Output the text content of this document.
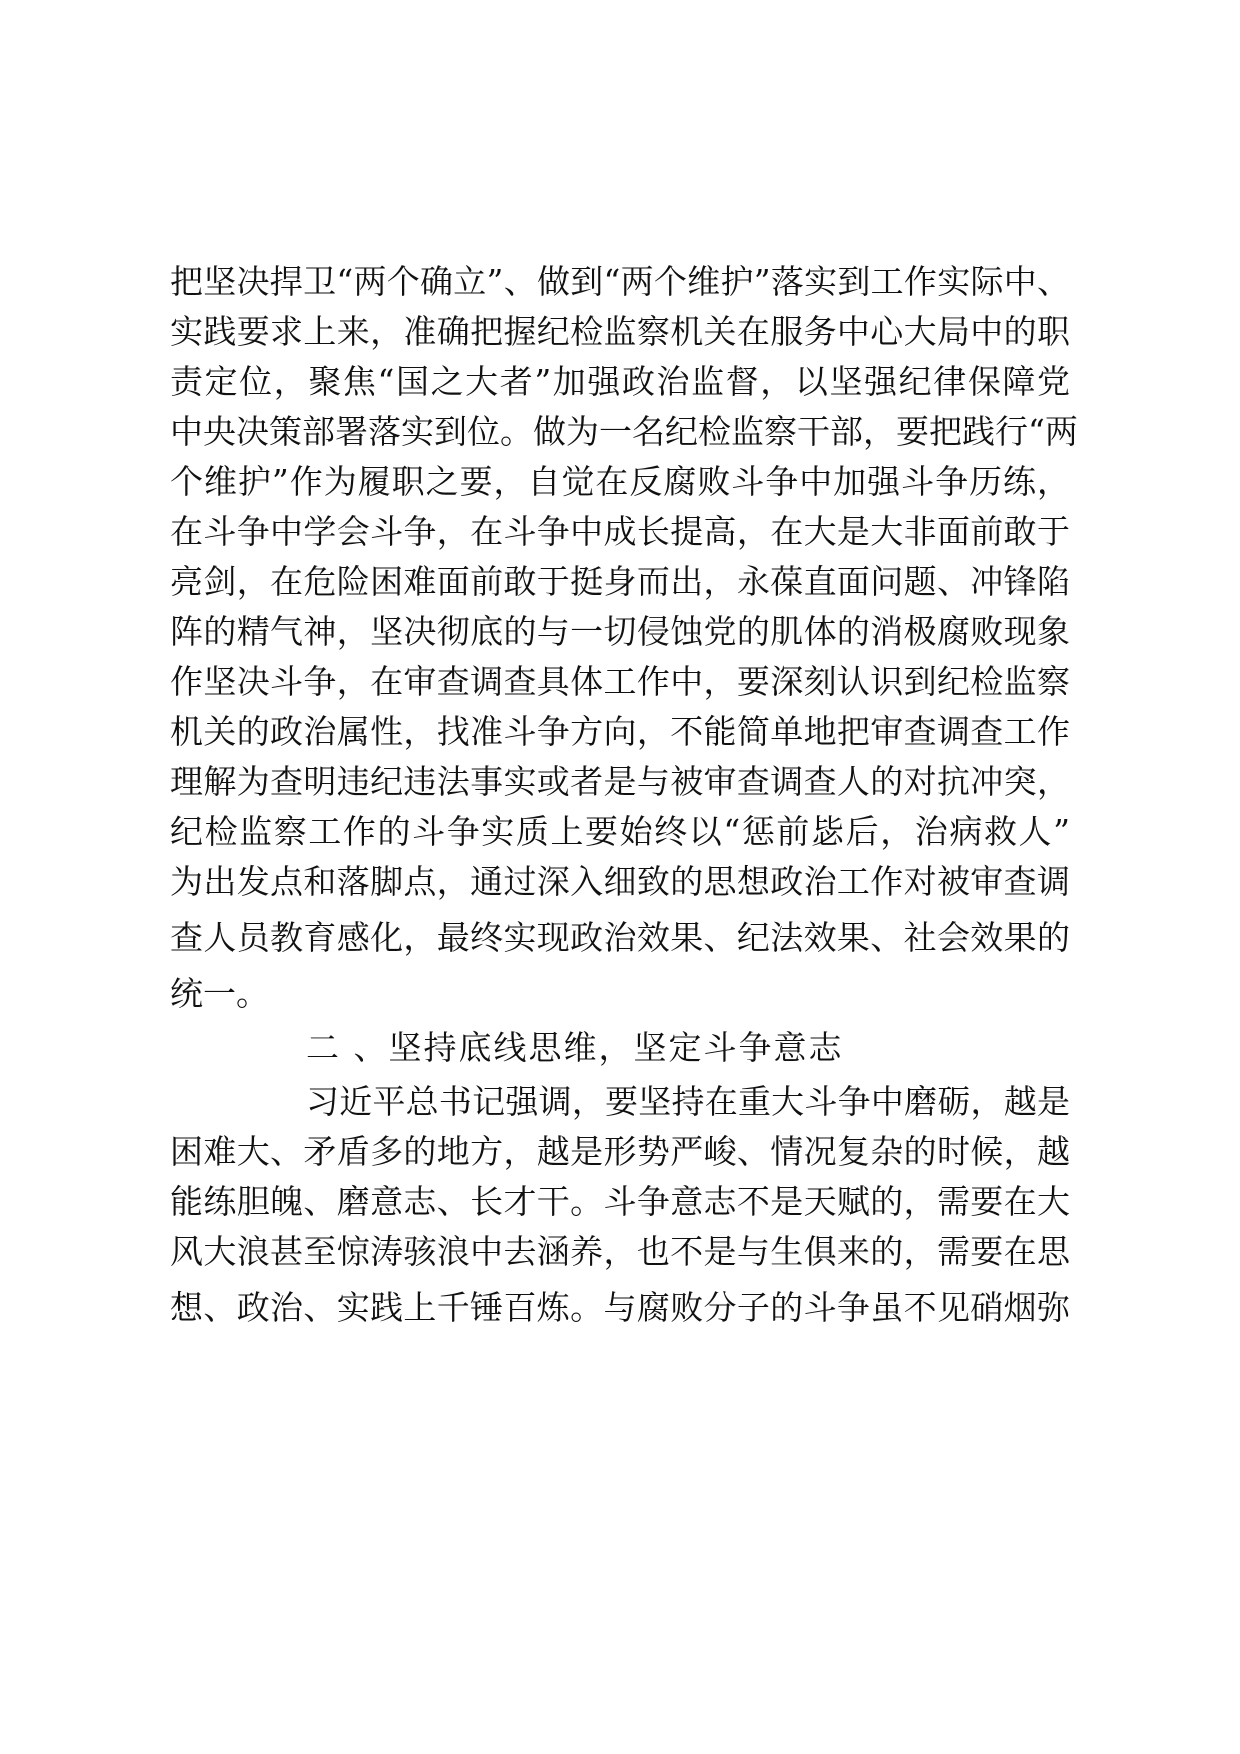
把坚决捍卫“两个确立”、做到“两个维护”落实到工作实际中、
实践要求上来，准确把握纪检监察机关在服务中心大局中的职
责定位，聚焦“国之大者”加强政治监督，以坚强纪律保障党
中央决策部署落实到位。做为一名纪检监察干部，要把践行“两
个维护”作为履职之要，自觉在反腐败斗争中加强斗争历练，
在斗争中学会斗争，在斗争中成长提高，在大是大非面前敢于
亮剑，在危险困难面前敢于挺身而出，永葆直面问题、冲锋陷
阵的精气神，坚决彻底的与一切侵蚀党的肌体的消极腐败现象
作坚决斗争，在审查调查具体工作中，要深刻认识到纪检监察
机关的政治属性，找准斗争方向，不能简单地把审查调查工作
理解为查明违纪违法事实或者是与被审查调查人的对抗冲突，
纪检监察工作的斗争实质上要始终以“惩前毖后，治病救人”
为出发点和落脚点，通过深入细致的思想政治工作对被审查调
查人员教育感化，最终实现政治效果、纪法效果、社会效果的
统一。
二 、坚持底线思维，坚定斗争意志
习近平总书记强调，要坚持在重大斗争中磨砺，越是
困难大、矛盾多的地方，越是形势严峻、情况复杂的时候，越
能练胆魄、磨意志、长才干。斗争意志不是天赋的，需要在大
风大浪甚至惊涛骇浪中去涵养，也不是与生俱来的，需要在思
想、政治、实践上千锤百炼。与腐败分子的斗争虽不见硝烟弥
